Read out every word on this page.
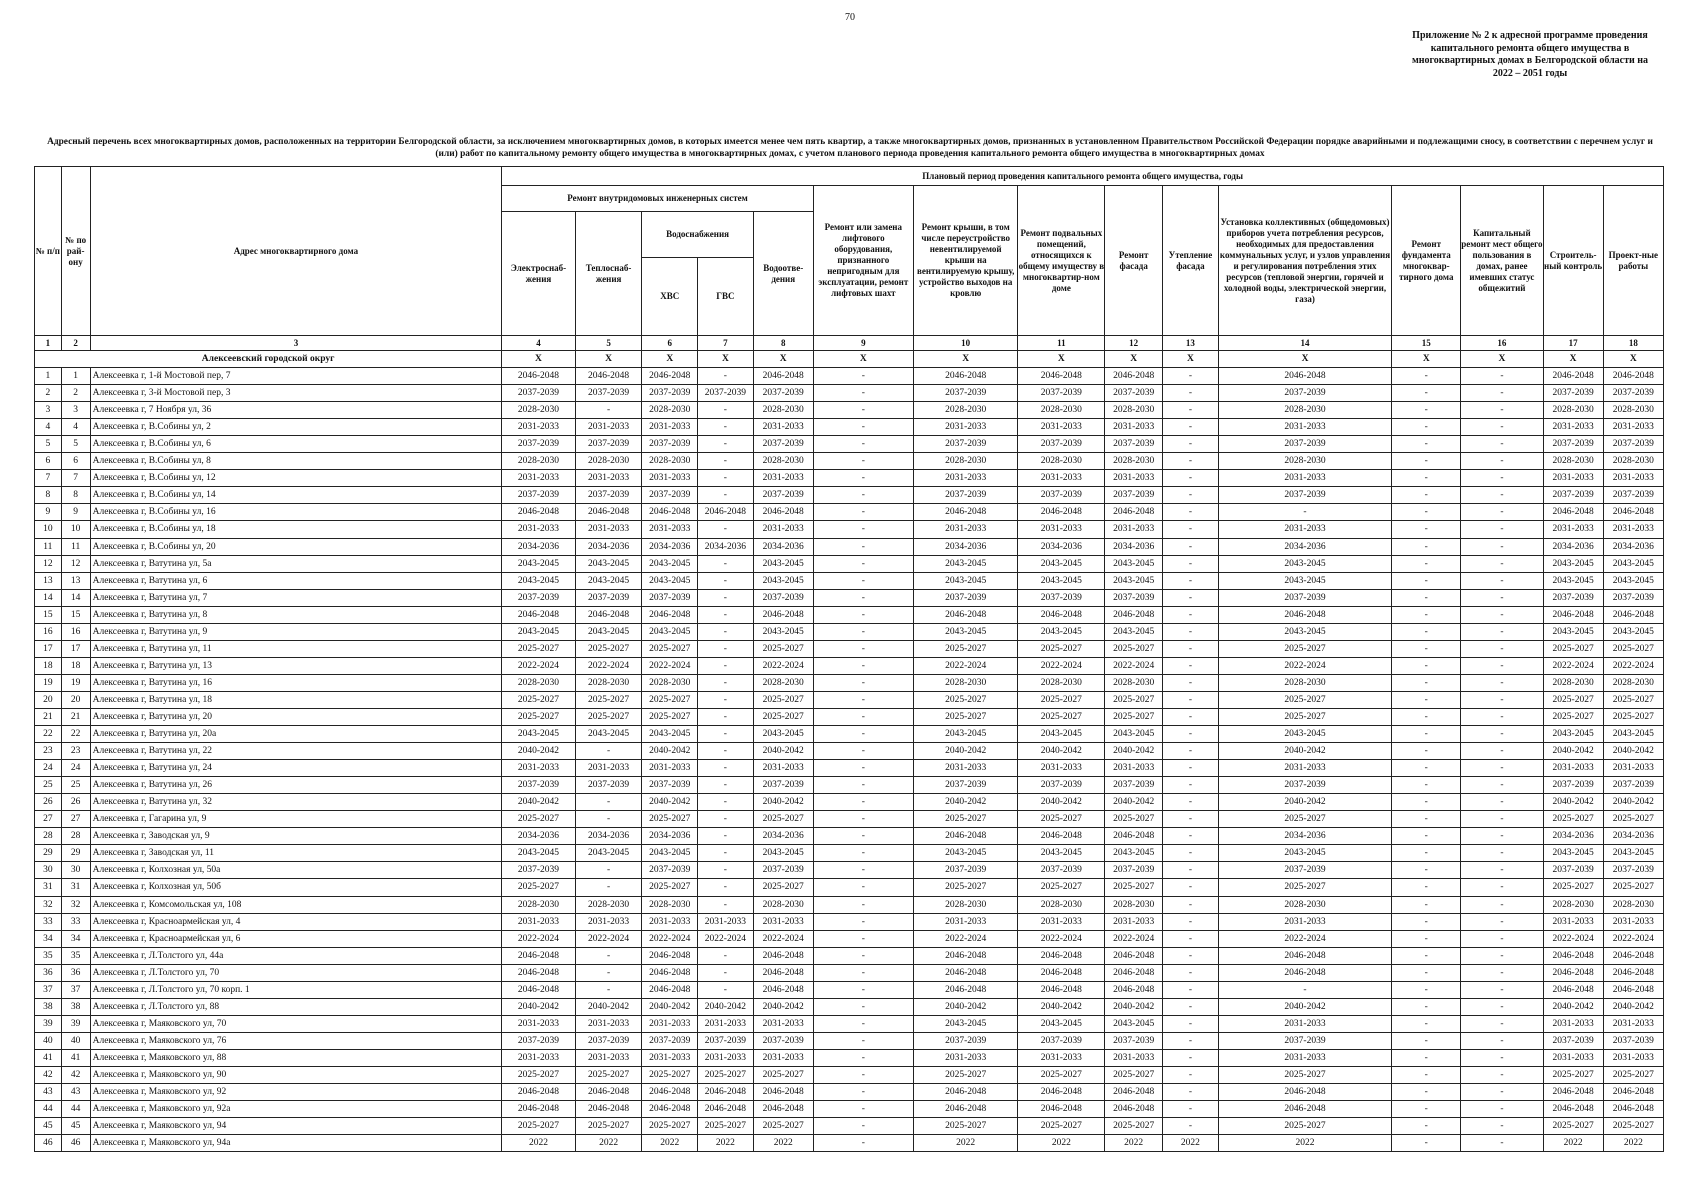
70
Приложение № 2 к адресной программе проведения капитального ремонта общего имущества в многоквартирных домах в Белгородской области на 2022 – 2051 годы
Адресный перечень всех многоквартирных домов, расположенных на территории Белгородской области, за исключением многоквартирных домов, в которых имеется менее чем пять квартир, а также многоквартирных домов, признанных в установленном Правительством Российской Федерации порядке аварийными и подлежащими сносу, в соответствии с перечнем услуг и (или) работ по капитальному ремонту общего имущества в многоквартирных домах, с учетом планового периода проведения капитального ремонта общего имущества в многоквартирных домах
№ п/п	№ по рай-ону	Адрес многоквартирного дома	Плановый период проведения капитального ремонта общего имущества, годы														
			Ремонт внутридомовых инженерных систем					Ремонт или замена лифтового оборудования, признанного непригодным для эксплуатации, ремонт лифтовых шахт	Ремонт крыши, в том числе переустройство невентилируемой крыши на вентилируемую крышу, устройство выходов на кровлю	Ремонт подвальных помещений, относящихся к общему имуществу в многоквартир-ном доме	Ремонт фасада	Утепление фасада	Установка коллективных (общедомовых) приборов учета потребления ресурсов, необходимых для предоставления коммунальных услуг, и узлов управления и регулирования потребления этих ресурсов (тепловой энергии, горячей и холодной воды, электрической энергии, газа)	Ремонт фундамента многоквар-тирного дома	Капитальный ремонт мест общего пользования в домах, ранее имевших статус общежитий	Строитель-ный контроль	Проект-ные работы
			Электроснаб-жения	Теплоснаб-жения	Водоснабжения		Водоотве-дения										
					ХВС	ГВС											
1	2	3	4	5	6	7	8	9	10	11	12	13	14	15	16	17	18
Алексеевский городской округ			Х	Х	Х	Х	Х	Х	Х	Х	Х	Х	Х	Х	Х	Х	Х
1	1	Алексеевка г, 1-й Мостовой пер, 7	2046-2048	2046-2048	2046-2048	-	2046-2048	-	2046-2048	2046-2048	2046-2048	-	2046-2048	-	-	2046-2048	2046-2048
2	2	Алексеевка г, 3-й Мостовой пер, 3	2037-2039	2037-2039	2037-2039	2037-2039	2037-2039	-	2037-2039	2037-2039	2037-2039	-	2037-2039	-	-	2037-2039	2037-2039
3	3	Алексеевка г, 7 Ноября ул, 36	2028-2030	-	2028-2030	-	2028-2030	-	2028-2030	2028-2030	2028-2030	-	2028-2030	-	-	2028-2030	2028-2030
4	4	Алексеевка г, В.Собины ул, 2	2031-2033	2031-2033	2031-2033	-	2031-2033	-	2031-2033	2031-2033	2031-2033	-	2031-2033	-	-	2031-2033	2031-2033
5	5	Алексеевка г, В.Собины ул, 6	2037-2039	2037-2039	2037-2039	-	2037-2039	-	2037-2039	2037-2039	2037-2039	-	2037-2039	-	-	2037-2039	2037-2039
6	6	Алексеевка г, В.Собины ул, 8	2028-2030	2028-2030	2028-2030	-	2028-2030	-	2028-2030	2028-2030	2028-2030	-	2028-2030	-	-	2028-2030	2028-2030
7	7	Алексеевка г, В.Собины ул, 12	2031-2033	2031-2033	2031-2033	-	2031-2033	-	2031-2033	2031-2033	2031-2033	-	2031-2033	-	-	2031-2033	2031-2033
8	8	Алексеевка г, В.Собины ул, 14	2037-2039	2037-2039	2037-2039	-	2037-2039	-	2037-2039	2037-2039	2037-2039	-	2037-2039	-	-	2037-2039	2037-2039
9	9	Алексеевка г, В.Собины ул, 16	2046-2048	2046-2048	2046-2048	2046-2048	2046-2048	-	2046-2048	2046-2048	2046-2048	-	-	-	-	2046-2048	2046-2048
10	10	Алексеевка г, В.Собины ул, 18	2031-2033	2031-2033	2031-2033	-	2031-2033	-	2031-2033	2031-2033	2031-2033	-	2031-2033	-	-	2031-2033	2031-2033
11	11	Алексеевка г, В.Собины ул, 20	2034-2036	2034-2036	2034-2036	2034-2036	2034-2036	-	2034-2036	2034-2036	2034-2036	-	2034-2036	-	-	2034-2036	2034-2036
12	12	Алексеевка г, Ватутина ул, 5а	2043-2045	2043-2045	2043-2045	-	2043-2045	-	2043-2045	2043-2045	2043-2045	-	2043-2045	-	-	2043-2045	2043-2045
13	13	Алексеевка г, Ватутина ул, 6	2043-2045	2043-2045	2043-2045	-	2043-2045	-	2043-2045	2043-2045	2043-2045	-	2043-2045	-	-	2043-2045	2043-2045
14	14	Алексеевка г, Ватутина ул, 7	2037-2039	2037-2039	2037-2039	-	2037-2039	-	2037-2039	2037-2039	2037-2039	-	2037-2039	-	-	2037-2039	2037-2039
15	15	Алексеевка г, Ватутина ул, 8	2046-2048	2046-2048	2046-2048	-	2046-2048	-	2046-2048	2046-2048	2046-2048	-	2046-2048	-	-	2046-2048	2046-2048
16	16	Алексеевка г, Ватутина ул, 9	2043-2045	2043-2045	2043-2045	-	2043-2045	-	2043-2045	2043-2045	2043-2045	-	2043-2045	-	-	2043-2045	2043-2045
17	17	Алексеевка г, Ватутина ул, 11	2025-2027	2025-2027	2025-2027	-	2025-2027	-	2025-2027	2025-2027	2025-2027	-	2025-2027	-	-	2025-2027	2025-2027
18	18	Алексеевка г, Ватутина ул, 13	2022-2024	2022-2024	2022-2024	-	2022-2024	-	2022-2024	2022-2024	2022-2024	-	2022-2024	-	-	2022-2024	2022-2024
19	19	Алексеевка г, Ватутина ул, 16	2028-2030	2028-2030	2028-2030	-	2028-2030	-	2028-2030	2028-2030	2028-2030	-	2028-2030	-	-	2028-2030	2028-2030
20	20	Алексеевка г, Ватутина ул, 18	2025-2027	2025-2027	2025-2027	-	2025-2027	-	2025-2027	2025-2027	2025-2027	-	2025-2027	-	-	2025-2027	2025-2027
21	21	Алексеевка г, Ватутина ул, 20	2025-2027	2025-2027	2025-2027	-	2025-2027	-	2025-2027	2025-2027	2025-2027	-	2025-2027	-	-	2025-2027	2025-2027
22	22	Алексеевка г, Ватутина ул, 20а	2043-2045	2043-2045	2043-2045	-	2043-2045	-	2043-2045	2043-2045	2043-2045	-	2043-2045	-	-	2043-2045	2043-2045
23	23	Алексеевка г, Ватутина ул, 22	2040-2042	-	2040-2042	-	2040-2042	-	2040-2042	2040-2042	2040-2042	-	2040-2042	-	-	2040-2042	2040-2042
24	24	Алексеевка г, Ватутина ул, 24	2031-2033	2031-2033	2031-2033	-	2031-2033	-	2031-2033	2031-2033	2031-2033	-	2031-2033	-	-	2031-2033	2031-2033
25	25	Алексеевка г, Ватутина ул, 26	2037-2039	2037-2039	2037-2039	-	2037-2039	-	2037-2039	2037-2039	2037-2039	-	2037-2039	-	-	2037-2039	2037-2039
26	26	Алексеевка г, Ватутина ул, 32	2040-2042	-	2040-2042	-	2040-2042	-	2040-2042	2040-2042	2040-2042	-	2040-2042	-	-	2040-2042	2040-2042
27	27	Алексеевка г, Гагарина ул, 9	2025-2027	-	2025-2027	-	2025-2027	-	2025-2027	2025-2027	2025-2027	-	2025-2027	-	-	2025-2027	2025-2027
28	28	Алексеевка г, Заводская ул, 9	2034-2036	2034-2036	2034-2036	-	2034-2036	-	2046-2048	2046-2048	2046-2048	-	2034-2036	-	-	2034-2036	2034-2036
29	29	Алексеевка г, Заводская ул, 11	2043-2045	2043-2045	2043-2045	-	2043-2045	-	2043-2045	2043-2045	2043-2045	-	2043-2045	-	-	2043-2045	2043-2045
30	30	Алексеевка г, Колхозная ул, 50а	2037-2039	-	2037-2039	-	2037-2039	-	2037-2039	2037-2039	2037-2039	-	2037-2039	-	-	2037-2039	2037-2039
31	31	Алексеевка г, Колхозная ул, 50б	2025-2027	-	2025-2027	-	2025-2027	-	2025-2027	2025-2027	2025-2027	-	2025-2027	-	-	2025-2027	2025-2027
32	32	Алексеевка г, Комсомольская ул, 108	2028-2030	2028-2030	2028-2030	-	2028-2030	-	2028-2030	2028-2030	2028-2030	-	2028-2030	-	-	2028-2030	2028-2030
33	33	Алексеевка г, Красноармейская ул, 4	2031-2033	2031-2033	2031-2033	2031-2033	2031-2033	-	2031-2033	2031-2033	2031-2033	-	2031-2033	-	-	2031-2033	2031-2033
34	34	Алексеевка г, Красноармейская ул, 6	2022-2024	2022-2024	2022-2024	2022-2024	2022-2024	-	2022-2024	2022-2024	2022-2024	-	2022-2024	-	-	2022-2024	2022-2024
35	35	Алексеевка г, Л.Толстого ул, 44а	2046-2048	-	2046-2048	-	2046-2048	-	2046-2048	2046-2048	2046-2048	-	2046-2048	-	-	2046-2048	2046-2048
36	36	Алексеевка г, Л.Толстого ул, 70	2046-2048	-	2046-2048	-	2046-2048	-	2046-2048	2046-2048	2046-2048	-	2046-2048	-	-	2046-2048	2046-2048
37	37	Алексеевка г, Л.Толстого ул, 70 корп. 1	2046-2048	-	2046-2048	-	2046-2048	-	2046-2048	2046-2048	2046-2048	-	-	-	-	2046-2048	2046-2048
38	38	Алексеевка г, Л.Толстого ул, 88	2040-2042	2040-2042	2040-2042	2040-2042	2040-2042	-	2040-2042	2040-2042	2040-2042	-	2040-2042	-	-	2040-2042	2040-2042
39	39	Алексеевка г, Маяковского ул, 70	2031-2033	2031-2033	2031-2033	2031-2033	2031-2033	-	2043-2045	2043-2045	2043-2045	-	2031-2033	-	-	2031-2033	2031-2033
40	40	Алексеевка г, Маяковского ул, 76	2037-2039	2037-2039	2037-2039	2037-2039	2037-2039	-	2037-2039	2037-2039	2037-2039	-	2037-2039	-	-	2037-2039	2037-2039
41	41	Алексеевка г, Маяковского ул, 88	2031-2033	2031-2033	2031-2033	2031-2033	2031-2033	-	2031-2033	2031-2033	2031-2033	-	2031-2033	-	-	2031-2033	2031-2033
42	42	Алексеевка г, Маяковского ул, 90	2025-2027	2025-2027	2025-2027	2025-2027	2025-2027	-	2025-2027	2025-2027	2025-2027	-	2025-2027	-	-	2025-2027	2025-2027
43	43	Алексеевка г, Маяковского ул, 92	2046-2048	2046-2048	2046-2048	2046-2048	2046-2048	-	2046-2048	2046-2048	2046-2048	-	2046-2048	-	-	2046-2048	2046-2048
44	44	Алексеевка г, Маяковского ул, 92а	2046-2048	2046-2048	2046-2048	2046-2048	2046-2048	-	2046-2048	2046-2048	2046-2048	-	2046-2048	-	-	2046-2048	2046-2048
45	45	Алексеевка г, Маяковского ул, 94	2025-2027	2025-2027	2025-2027	2025-2027	2025-2027	-	2025-2027	2025-2027	2025-2027	-	2025-2027	-	-	2025-2027	2025-2027
46	46	Алексеевка г, Маяковского ул, 94а	2022	2022	2022	2022	2022	-	2022	2022	2022	2022	2022	-	-	2022	2022
